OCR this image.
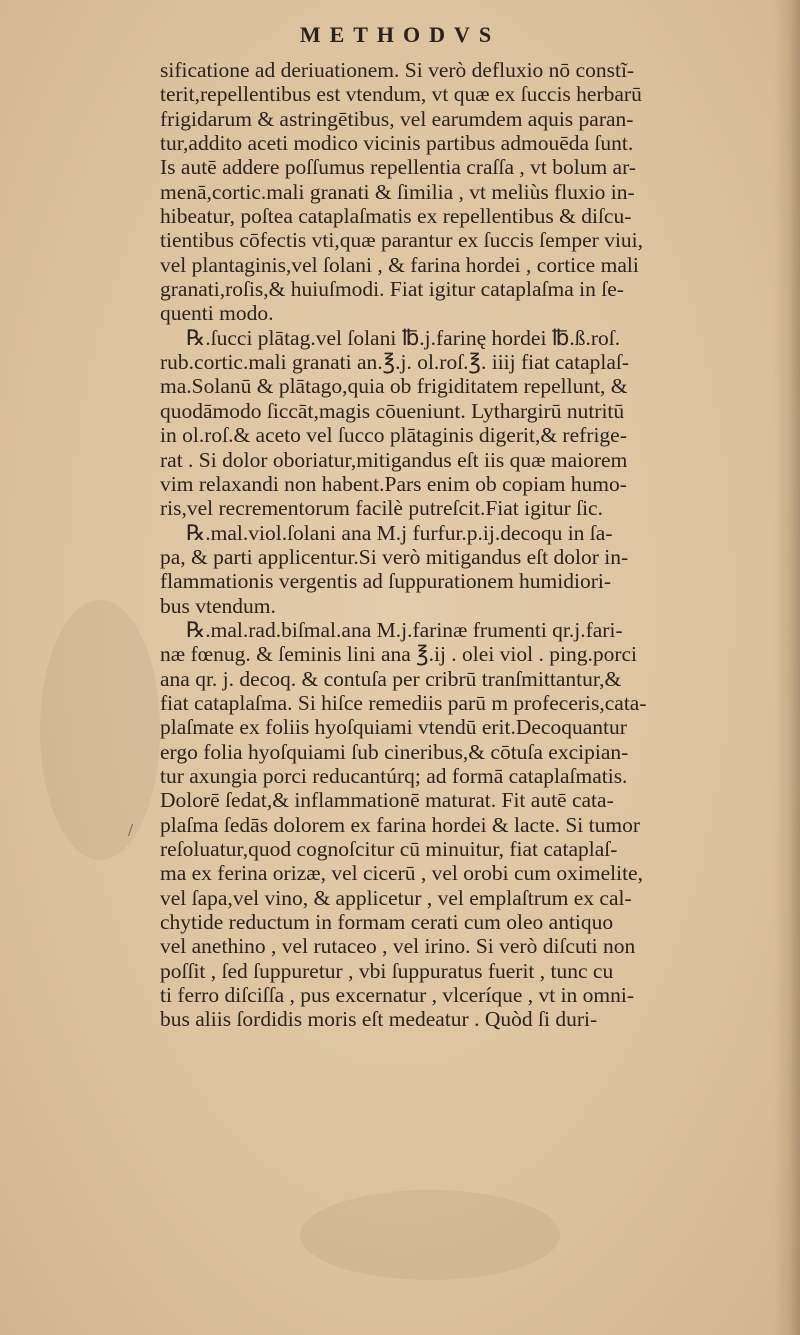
METHODVS
/
sificatione ad deriuationem. Si verò defluxio nō constĩ-
terit,repellentibus est vtendum, vt quæ ex ſuccis herbarū
frigidarum & astringētibus, vel earumdem aquis paran-
tur,addito aceti modico vicinis partibus admouēda ſunt.
Is autē addere poſſumus repellentia craſſa , vt bolum ar-
menā,cortic.mali granati & ſimilia , vt meliùs fluxio in-
hibeatur, poſtea cataplaſmatis ex repellentibus & diſcu-
tientibus cōfectis vti,quæ parantur ex ſuccis ſemper viui,
vel plantaginis,vel ſolani , & farina hordei , cortice mali
granati,roſis,& huiuſmodi. Fiat igitur cataplaſma in ſe-
quenti modo.
℞.ſucci plātag.vel ſolani ℔.j.farinę hordei ℔.ß.roſ.
rub.cortic.mali granati an.℥.j. ol.roſ.℥. iiij fiat cataplaſ-
ma.Solanū & plātago,quia ob frigiditatem repellunt, &
quodāmodo ſiccāt,magis cōueniunt. Lythargirū nutritū
in ol.roſ.& aceto vel ſucco plātaginis digerit,& refrige-
rat . Si dolor oboriatur,mitigandus eſt iis quæ maiorem
vim relaxandi non habent.Pars enim ob copiam humo-
ris,vel recrementorum facilè putreſcit.Fiat igitur ſic.
℞.mal.viol.ſolani ana M.j furfur.p.ij.decoqu in ſa-
pa, & parti applicentur.Si verò mitigandus eſt dolor in-
flammationis vergentis ad ſuppurationem humidiori-
bus vtendum.
℞.mal.rad.biſmal.ana M.j.farinæ frumenti qr.j.fari-
næ fœnug. & ſeminis lini ana ℥.ij . olei viol . ping.porci
ana qr. j. decoq. & contuſa per cribrū tranſmittantur,&
fiat cataplaſma. Si hiſce remediis parū m profeceris,cata-
plaſmate ex foliis hyoſquiami vtendū erit.Decoquantur
ergo folia hyoſquiami ſub cineribus,& cōtuſa excipian-
tur axungia porci reducantúrq; ad formā cataplaſmatis.
Dolorē ſedat,& inflammationē maturat. Fit autē cata-
plaſma ſedās dolorem ex farina hordei & lacte. Si tumor
reſoluatur,quod cognoſcitur cū minuitur, fiat cataplaſ-
ma ex ferina orizæ, vel cicerū , vel orobi cum oximelite,
vel ſapa,vel vino, & applicetur , vel emplaſtrum ex cal-
chytide reductum in formam cerati cum oleo antiquo
vel anethino , vel rutaceo , vel irino. Si verò diſcuti non
poſſit , ſed ſuppuretur , vbi ſuppuratus fuerit , tunc cu
ti ferro diſciſſa , pus excernatur , vlceríque , vt in omni-
bus aliis ſordidis moris eſt medeatur . Quòd ſi duri-
